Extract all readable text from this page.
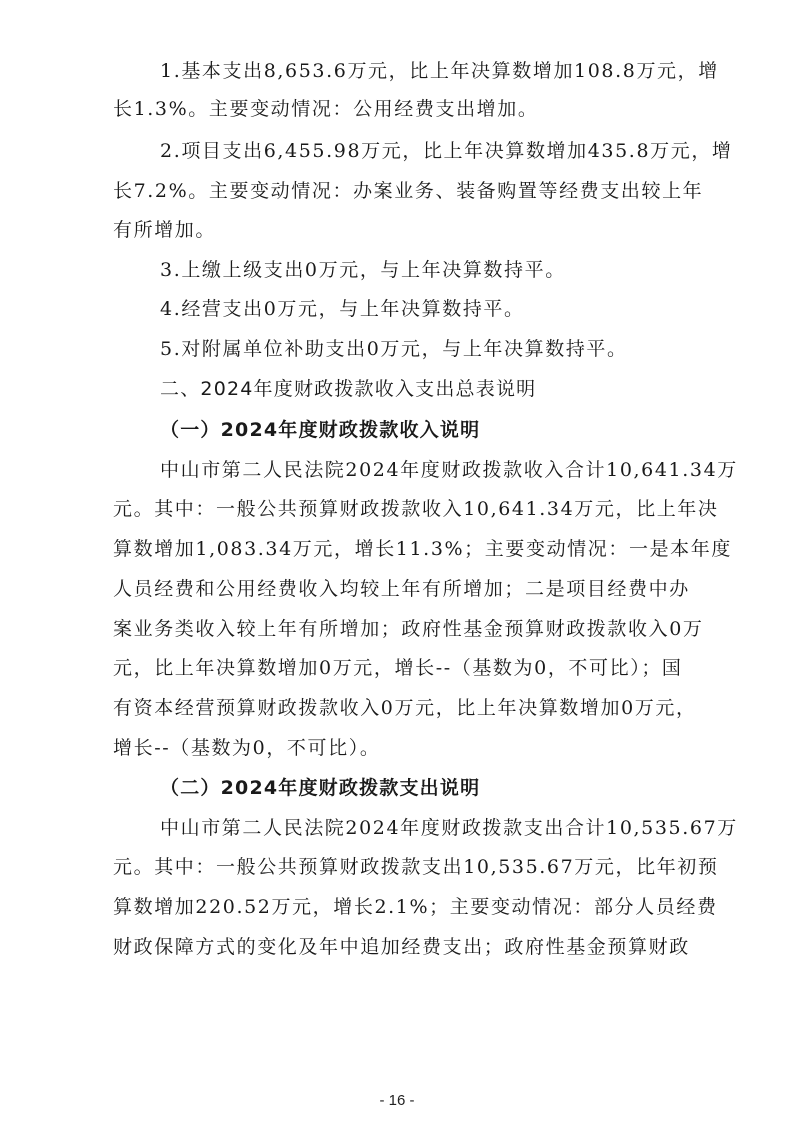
1.基本支出8,653.6万元，比上年决算数增加108.8万元，增
长1.3%。主要变动情况：公用经费支出增加。
2.项目支出6,455.98万元，比上年决算数增加435.8万元，增
长7.2%。主要变动情况：办案业务、装备购置等经费支出较上年
有所增加。
3.上缴上级支出0万元，与上年决算数持平。
4.经营支出0万元，与上年决算数持平。
5.对附属单位补助支出0万元，与上年决算数持平。
二、2024年度财政拨款收入支出总表说明
（一）2024年度财政拨款收入说明
中山市第二人民法院2024年度财政拨款收入合计10,641.34万
元。其中：一般公共预算财政拨款收入10,641.34万元，比上年决
算数增加1,083.34万元，增长11.3%；主要变动情况：一是本年度
人员经费和公用经费收入均较上年有所增加；二是项目经费中办
案业务类收入较上年有所增加；政府性基金预算财政拨款收入0万
元，比上年决算数增加0万元，增长--（基数为0，不可比）；国
有资本经营预算财政拨款收入0万元，比上年决算数增加0万元，
增长--（基数为0，不可比）。
（二）2024年度财政拨款支出说明
中山市第二人民法院2024年度财政拨款支出合计10,535.67万
元。其中：一般公共预算财政拨款支出10,535.67万元，比年初预
算数增加220.52万元，增长2.1%；主要变动情况：部分人员经费
财政保障方式的变化及年中追加经费支出；政府性基金预算财政
- 16 -
